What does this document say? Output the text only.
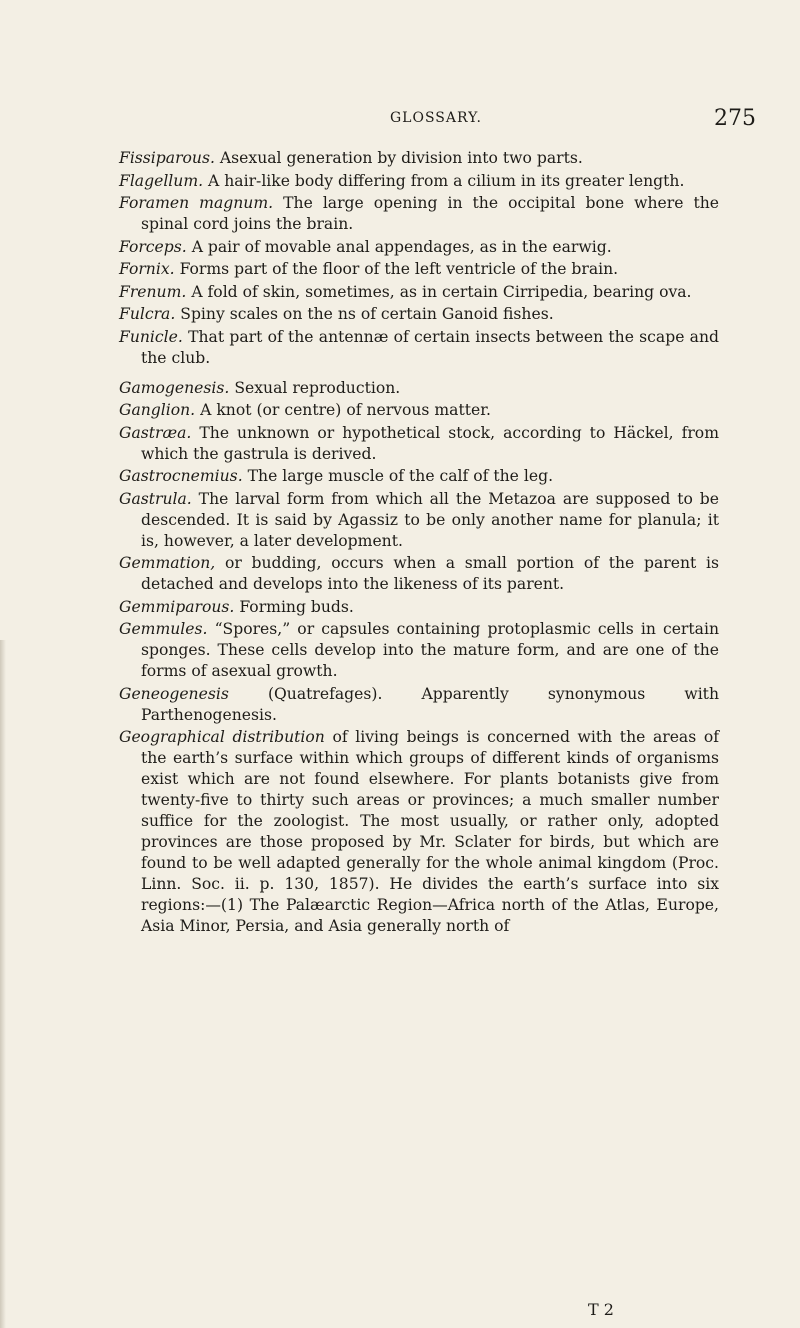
GLOSSARY.	275

Fissiparous. Asexual generation by division into two parts.

Flagellum. A hair-like body differing from a cilium in its greater length.

Foramen magnum. The large opening in the occipital bone where the spinal cord joins the brain.

Forceps. A pair of movable anal appendages, as in the earwig.

Fornix. Forms part of the floor of the left ventricle of the brain.

Frenum. A fold of skin, sometimes, as in certain Cirripedia, bearing ova.

Fulcra. Spiny scales on the ns of certain Ganoid fishes.

Funicle. That part of the antennæ of certain insects between the scape and the club.

Gamogenesis. Sexual reproduction.

Ganglion. A knot (or centre) of nervous matter.

Gastræa. The unknown or hypothetical stock, according to Häckel, from which the gastrula is derived.

Gastrocnemius. The large muscle of the calf of the leg.

Gastrula. The larval form from which all the Metazoa are supposed to be descended. It is said by Agassiz to be only another name for planula; it is, however, a later development.

Gemmation, or budding, occurs when a small portion of the parent is detached and develops into the likeness of its parent.

Gemmiparous. Forming buds.

Gemmules. “Spores,” or capsules containing protoplasmic cells in certain sponges. These cells develop into the mature form, and are one of the forms of asexual growth.

Geneogenesis	(Quatrefages). Apparently synonymous with Parthenogenesis.

Geographical distribution of living beings is concerned with the areas of the earth’s surface within which groups of different kinds of organisms exist which are not found elsewhere. For plants botanists give from twenty-five to thirty such areas or provinces; a much smaller number suffice for the zoologist. The most usually, or rather only, adopted provinces are those proposed by Mr. Sclater for birds, but which are found to be well adapted generally for the whole animal kingdom (Proc. Linn. Soc. ii. p. 130, 1857). He divides the earth’s surface into six regions:—(1) The Palæarctic Region—Africa north of the Atlas, Europe, Asia Minor, Persia, and Asia generally north of

T 2
